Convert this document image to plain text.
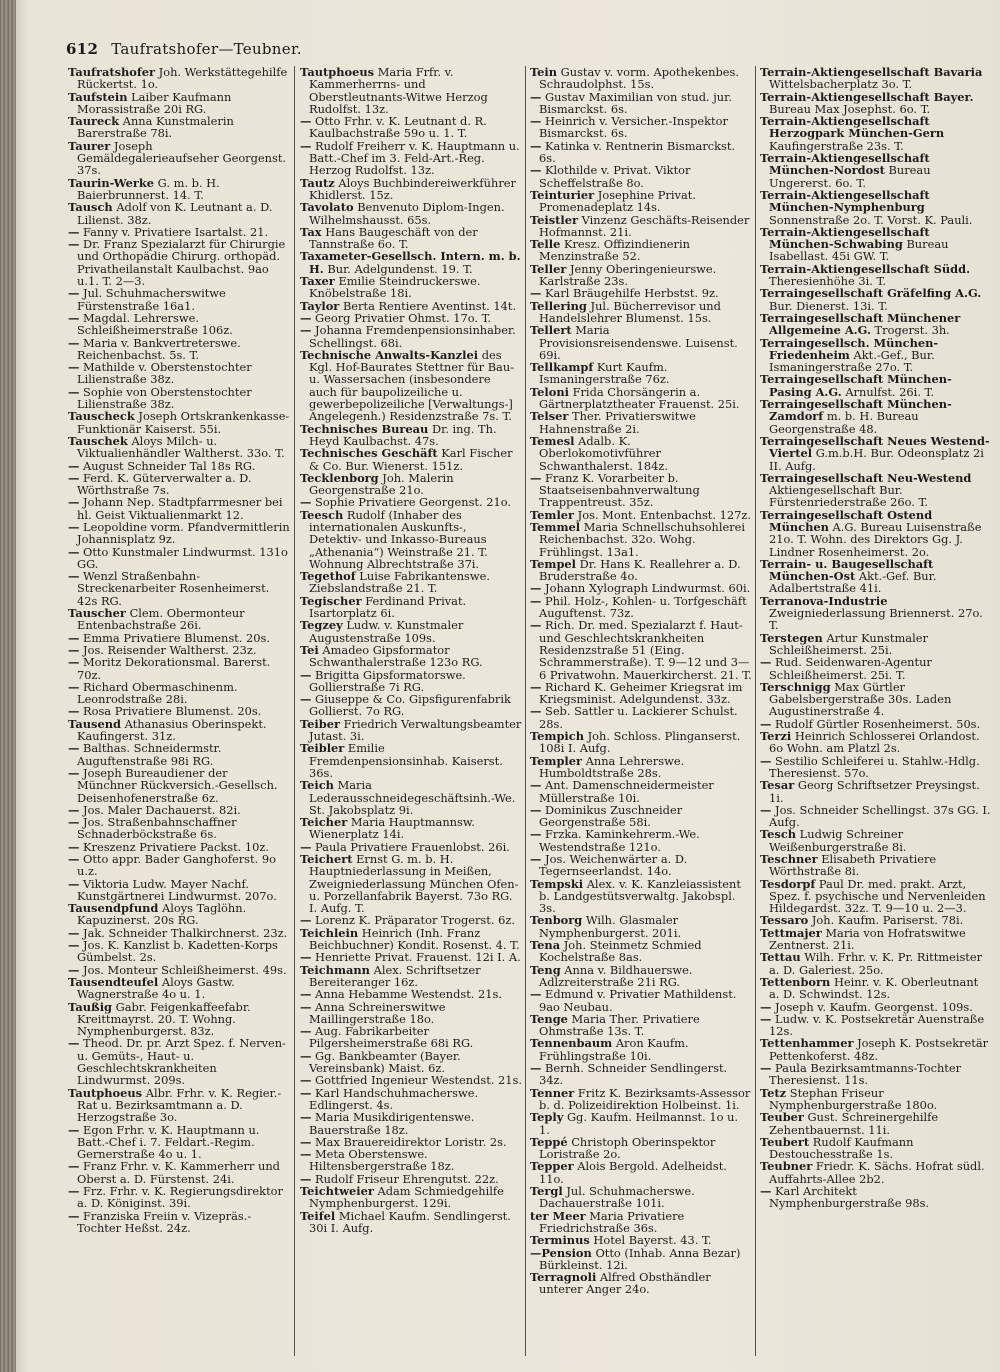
612 Taufratshofer—Teubner.

Taufratshofer Joh. Werkstättegehilfe Rückertst. 1o.

Taufstein Laiber Kaufmann Morassistraße 20i RG.

Taureck Anna Kunstmalerin Barerstraße 78i.

Taurer Joseph Gemäldegalerieaufseher Georgenst. 37s.

Taurin-Werke G. m. b. H. Baierbrunnerst. 14. T.

Tausch Adolf von K. Leutnant a. D. Lilienst. 38z.

— Fanny v. Privatiere Isartalst. 21.

— Dr. Franz Spezialarzt für Chirurgie und Orthopädie Chirurg. orthopäd. Privatheilanstalt Kaulbachst. 9ao u.1. T. 2—3.

— Jul. Schuhmacherswitwe Fürstenstraße 16a1.

— Magdal. Lehrerswe. Schleißheimerstraße 106z.

— Maria v. Bankvertreterswe. Reichenbachst. 5s. T.

— Mathilde v. Oberstenstochter Lilienstraße 38z.

— Sophie von Oberstenstochter Lilienstraße 38z.

Tauscheck Joseph Ortskrankenkasse-Funktionär Kaiserst. 55i.

Tauschek Aloys Milch- u. Viktualienhändler Waltherst. 33o. T.

— August Schneider Tal 18s RG.

— Ferd. K. Güterverwalter a. D. Wörthstraße 7s.

— Johann Nep. Stadtpfarrmesner bei hl. Geist Viktualienmarkt 12.

— Leopoldine vorm. Pfandvermittlerin Johannisplatz 9z.

— Otto Kunstmaler Lindwurmst. 131o GG.

— Wenzl Straßenbahn-Streckenarbeiter Rosenheimerst. 42s RG.

Tauscher Clem. Obermonteur Entenbachstraße 26i.

— Emma Privatiere Blumenst. 20s.

— Jos. Reisender Waltherst. 23z.

— Moritz Dekorationsmal. Barerst. 70z.

— Richard Obermaschinenm. Leonrodstraße 28i.

— Rosa Privatiere Blumenst. 20s.

Tausend Athanasius Oberinspekt. Kaufingerst. 31z.

— Balthas. Schneidermstr. Auguftenstraße 98i RG.

— Joseph Bureaudiener der Münchner Rückversich.-Gesellsch. Deisenhofenerstraße 6z.

— Jos. Maler Dachauerst. 82i.

— Jos. Straßenbahnschaffner Schnaderböckstraße 6s.

— Kreszenz Privatiere Packst. 10z.

— Otto appr. Bader Ganghoferst. 9o u.z.

— Viktoria Ludw. Mayer Nachf. Kunstgärtnerei Lindwurmst. 207o.

Tausendpfund Aloys Taglöhn. Kapuzinerst. 20s RG.

— Jak. Schneider Thalkirchnerst. 23z.

— Jos. K. Kanzlist b. Kadetten-Korps Gümbelst. 2s.

— Jos. Monteur Schleißheimerst. 49s.

Tausendteufel Aloys Gastw. Wagnerstraße 4o u. 1.

Taußig Gabr. Feigenkaffeefabr. Kreittmayrst. 20. T. Wohng. Nymphenburgerst. 83z.

— Theod. Dr. pr. Arzt Spez. f. Nerven- u. Gemüts-, Haut- u. Geschlechtskrankheiten Lindwurmst. 209s.

Tautphoeus Albr. Frhr. v. K. Regier.-Rat u. Bezirksamtmann a. D. Herzogstraße 3o.

— Egon Frhr. v. K. Hauptmann u. Batt.-Chef i. 7. Feldart.-Regim. Gernerstraße 4o u. 1.

— Franz Frhr. v. K. Kammerherr und Oberst a. D. Fürstenst. 24i.

— Frz. Frhr. v. K. Regierungsdirektor a. D. Königinst. 39i.

— Franziska Freiin v. Vizepräs.-Tochter Heßst. 24z.

Tautphoeus Maria Frfr. v. Kammerherrns- und Oberstleutnants-Witwe Herzog Rudolfst. 13z.

— Otto Frhr. v. K. Leutnant d. R. Kaulbachstraße 59o u. 1. T.

— Rudolf Freiherr v. K. Hauptmann u. Batt.-Chef im 3. Feld-Art.-Reg. Herzog Rudolfst. 13z.

Tautz Aloys Buchbindereiwerkführer Khidlerst. 15z.

Tavolato Benvenuto Diplom-Ingen. Wilhelmshausst. 65s.

Tax Hans Baugeschäft von der Tannstraße 6o. T.

Taxameter-Gesellsch. Intern. m. b. H. Bur. Adelgundenst. 19. T.

Taxer Emilie Steindruckerswe. Knöbelstraße 18i.

Taylor Berta Rentiere Aventinst. 14t.

— Georg Privatier Ohmst. 17o. T.

— Johanna Fremdenpensionsinhaber. Schellingst. 68i.

Technische Anwalts-Kanzlei des Kgl. Hof-Baurates Stettner für Bau- u. Wassersachen (insbesondere auch für baupolizeiliche u. gewerbepolizeiliche [Verwaltungs-] Angelegenh.) Residenzstraße 7s. T.

Technisches Bureau Dr. ing. Th. Heyd Kaulbachst. 47s.

Technisches Geschäft Karl Fischer & Co. Bur. Wienerst. 151z.

Tecklenborg Joh. Malerin Georgenstraße 21o.

— Sophie Privatiere Georgenst. 21o.

Teesch Rudolf (Inhaber des internationalen Auskunfts-, Detektiv- und Inkasso-Bureaus „Athenania“) Weinstraße 21. T. Wohnung Albrechtstraße 37i.

Tegethof Luise Fabrikantenswe. Ziebslandstraße 21. T.

Tegischer Ferdinand Privat. Isartorplatz 6i.

Tegzey Ludw. v. Kunstmaler Augustenstraße 109s.

Tei Amadeo Gipsformator Schwanthalerstraße 123o RG.

— Brigitta Gipsformatorswe. Gollierstraße 7i RG.

— Giuseppe & Co. Gipsfigurenfabrik Gollierst. 7o RG.

Teiber Friedrich Verwaltungsbeamter Jutast. 3i.

Teibler Emilie Fremdenpensionsinhab. Kaiserst. 36s.

Teich Maria Lederausschneidegeschäftsinh.-We. St. Jakobsplatz 9i.

Teicher Maria Hauptmannsw. Wienerplatz 14i.

— Paula Privatiere Frauenlobst. 26i.

Teichert Ernst G. m. b. H. Hauptniederlassung in Meißen, Zweigniederlassung München Ofen- u. Porzellanfabrik Bayerst. 73o RG. I. Aufg. T.

— Lorenz K. Präparator Trogerst. 6z.

Teichlein Heinrich (Inh. Franz Beichbuchner) Kondit. Rosenst. 4. T.

— Henriette Privat. Frauenst. 12i I. A.

Teichmann Alex. Schriftsetzer Bereiteranger 16z.

— Anna Hebamme Westendst. 21s.

— Anna Schreinerswitwe Maillingerstraße 18o.

— Aug. Fabrikarbeiter Pilgersheimerstraße 68i RG.

— Gg. Bankbeamter (Bayer. Vereinsbank) Maist. 6z.

— Gottfried Ingenieur Westendst. 21s.

— Karl Handschuhmacherswe. Edlingerst. 4s.

— Maria Musikdirigentenswe. Bauerstraße 18z.

— Max Brauereidirektor Loristr. 2s.

— Meta Oberstenswe. Hiltensbergerstraße 18z.

— Rudolf Friseur Ehrengutst. 22z.

Teichtweier Adam Schmiedgehilfe Nymphenburgerst. 129i.

Teifel Michael Kaufm. Sendlingerst. 30i I. Aufg.

Tein Gustav v. vorm. Apothekenbes. Schraudolphst. 15s.

— Gustav Maximilian von stud. jur. Bismarckst. 6s.

— Heinrich v. Versicher.-Inspektor Bismarckst. 6s.

— Katinka v. Rentnerin Bismarckst. 6s.

— Klothilde v. Privat. Viktor Scheffelstraße 8o.

Teinturier Josephine Privat. Promenadeplatz 14s.

Teistler Vinzenz Geschäfts-Reisender Hofmannst. 21i.

Telle Kresz. Offizindienerin Menzinstraße 52.

Teller Jenny Oberingenieurswe. Karlstraße 23s.

— Karl Bräugehilfe Herbstst. 9z.

Tellering Jul. Bücherrevisor und Handelslehrer Blumenst. 15s.

Tellert Maria Provisionsreisendenswe. Luisenst. 69i.

Tellkampf Kurt Kaufm. Ismaningerstraße 76z.

Teloni Frida Chorsängerin a. Gärtnerplatztheater Frauenst. 25i.

Telser Ther. Privatierswitwe Hahnenstraße 2i.

Temesl Adalb. K. Oberlokomotivführer Schwanthalerst. 184z.

— Franz K. Vorarbeiter b. Staatseisenbahnverwaltung Trappentreust. 35z.

Temler Jos. Mont. Entenbachst. 127z.

Temmel Maria Schnellschuhsohlerei Reichenbachst. 32o. Wohg. Frühlingst. 13a1.

Tempel Dr. Hans K. Reallehrer a. D. Bruderstraße 4o.

— Johann Xylograph Lindwurmst. 60i.

— Phil. Holz-, Kohlen- u. Torfgeschäft Auguftenst. 73z.

— Rich. Dr. med. Spezialarzt f. Haut- und Geschlechtskrankheiten Residenzstraße 51 (Eing. Schrammerstraße). T. 9—12 und 3—6 Privatwohn. Mauerkircherst. 21. T.

— Richard K. Geheimer Kriegsrat im Kriegsminist. Adelgundenst. 33z.

— Seb. Sattler u. Lackierer Schulst. 28s.

Tempich Joh. Schloss. Plinganserst. 108i I. Aufg.

Templer Anna Lehrerswe. Humboldtstraße 28s.

— Ant. Damenschneidermeister Müllerstraße 10i.

— Dominikus Zuschneider Georgenstraße 58i.

— Frzka. Kaminkehrerm.-We. Westendstraße 121o.

— Jos. Weichenwärter a. D. Tegernseerlandst. 14o.

Tempski Alex. v. K. Kanzleiassistent b. Landgestütsverwaltg. Jakobspl. 3s.

Tenborg Wilh. Glasmaler Nymphenburgerst. 201i.

Tena Joh. Steinmetz Schmied Kochelstraße 8as.

Teng Anna v. Bildhauerswe. Adlzreiterstraße 21i RG.

— Edmund v. Privatier Mathildenst. 9ao Neubau.

Tenge Maria Ther. Privatiere Ohmstraße 13s. T.

Tennenbaum Aron Kaufm. Frühlingstraße 10i.

— Bernh. Schneider Sendlingerst. 34z.

Tenner Fritz K. Bezirksamts-Assessor b. d. Polizeidirektion Holbeinst. 1i.

Teply Gg. Kaufm. Heilmannst. 1o u. 1.

Teppé Christoph Oberinspektor Loristraße 2o.

Tepper Alois Bergold. Adelheidst. 11o.

Tergl Jul. Schuhmacherswe. Dachauerstraße 101i.

ter Meer Maria Privatiere Friedrichstraße 36s.

Terminus Hotel Bayerst. 43. T.

—Pension Otto (Inhab. Anna Bezar) Bürkleinst. 12i.

Terragnoli Alfred Obsthändler unterer Anger 24o.

Terrain-Aktiengesellschaft Bavaria Wittelsbacherplatz 3o. T.

Terrain-Aktiengesellschaft Bayer. Bureau Max Josephst. 6o. T.

Terrain-Aktiengesellschaft Herzogpark München-Gern Kaufingerstraße 23s. T.

Terrain-Aktiengesellschaft München-Nordost Bureau Ungererst. 6o. T.

Terrain-Aktiengesellschaft München-Nymphenburg Sonnenstraße 2o. T. Vorst. K. Pauli.

Terrain-Aktiengesellschaft München-Schwabing Bureau Isabellast. 45i GW. T.

Terrain-Aktiengesellschaft Südd. Theresienhöhe 3i. T.

Terraingesellschaft Gräfelfing A.G. Bur. Dienerst. 13i. T.

Terraingesellschaft Münchener Allgemeine A.G. Trogerst. 3h.

Terraingesellsch. München-Friedenheim Akt.-Gef., Bur. Ismaningerstraße 27o. T.

Terraingesellschaft München-Pasing A.G. Arnulfst. 26i. T.

Terraingesellschaft München-Zamdorf m. b. H. Bureau Georgenstraße 48.

Terraingesellschaft Neues Westend-Viertel G.m.b.H. Bur. Odeonsplatz 2i II. Aufg.

Terraingesellschaft Neu-Westend Aktiengesellschaft Bur. Fürstenriederstraße 26o. T.

Terraingesellschaft Ostend München A.G. Bureau Luisenstraße 21o. T. Wohn. des Direktors Gg. J. Lindner Rosenheimerst. 2o.

Terrain- u. Baugesellschaft München-Ost Akt.-Gef. Bur. Adalbertstraße 41i.

Terranova-Industrie Zweigniederlassung Briennerst. 27o. T.

Terstegen Artur Kunstmaler Schleißheimerst. 25i.

— Rud. Seidenwaren-Agentur Schleißheimerst. 25i. T.

Terschnigg Max Gürtler Gabelsbergerstraße 30s. Laden Augustinerstraße 4.

— Rudolf Gürtler Rosenheimerst. 50s.

Terzi Heinrich Schlosserei Orlandost. 6o Wohn. am Platzl 2s.

— Sestilio Schleiferei u. Stahlw.-Hdlg. Theresienst. 57o.

Tesar Georg Schriftsetzer Preysingst. 1i.

— Jos. Schneider Schellingst. 37s GG. I. Aufg.

Tesch Ludwig Schreiner Weißenburgerstraße 8i.

Teschner Elisabeth Privatiere Wörthstraße 8i.

Tesdorpf Paul Dr. med. prakt. Arzt, Spez. f. psychische und Nervenleiden Hildegardst. 32z. T. 9—10 u. 2—3.

Tessaro Joh. Kaufm. Pariserst. 78i.

Tettmajer Maria von Hofratswitwe Zentnerst. 21i.

Tettau Wilh. Frhr. v. K. Pr. Rittmeister a. D. Galeriest. 25o.

Tettenborn Heinr. v. K. Oberleutnant a. D. Schwindst. 12s.

— Joseph v. Kaufm. Georgenst. 109s.

— Ludw. v. K. Postsekretär Auenstraße 12s.

Tettenhammer Joseph K. Postsekretär Pettenkoferst. 48z.

— Paula Bezirksamtmanns-Tochter Theresienst. 11s.

Tetz Stephan Friseur Nymphenburgerstraße 180o.

Teuber Gust. Schreinergehilfe Zehentbauernst. 11i.

Teubert Rudolf Kaufmann Destouchesstraße 1s.

Teubner Friedr. K. Sächs. Hofrat südl. Auffahrts-Allee 2b2.

— Karl Architekt Nymphenburgerstraße 98s.
